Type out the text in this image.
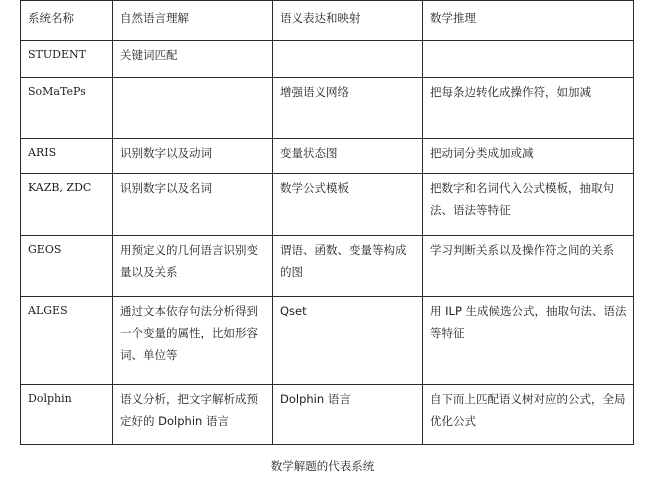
系统名称	自然语言理解	语义表达和映射	数学推理
STUDENT	关键词匹配		
SoMaTePs		增强语义网络	把每条边转化成操作符，如加减
ARIS	识别数字以及动词	变量状态图	把动词分类成加或减
KAZB, ZDC	识别数字以及名词	数学公式模板	把数字和名词代入公式模板，抽取句法、语法等特征
GEOS	用预定义的几何语言识别变量以及关系	谓语、函数、变量等构成的图	学习判断关系以及操作符之间的关系
ALGES	通过文本依存句法分析得到一个变量的属性，比如形容词、单位等	Qset	用 ILP 生成候选公式，抽取句法、语法等特征
Dolphin	语义分析，把文字解析成预定好的 Dolphin 语言	Dolphin 语言	自下而上匹配语义树对应的公式，全局优化公式
数学解题的代表系统
